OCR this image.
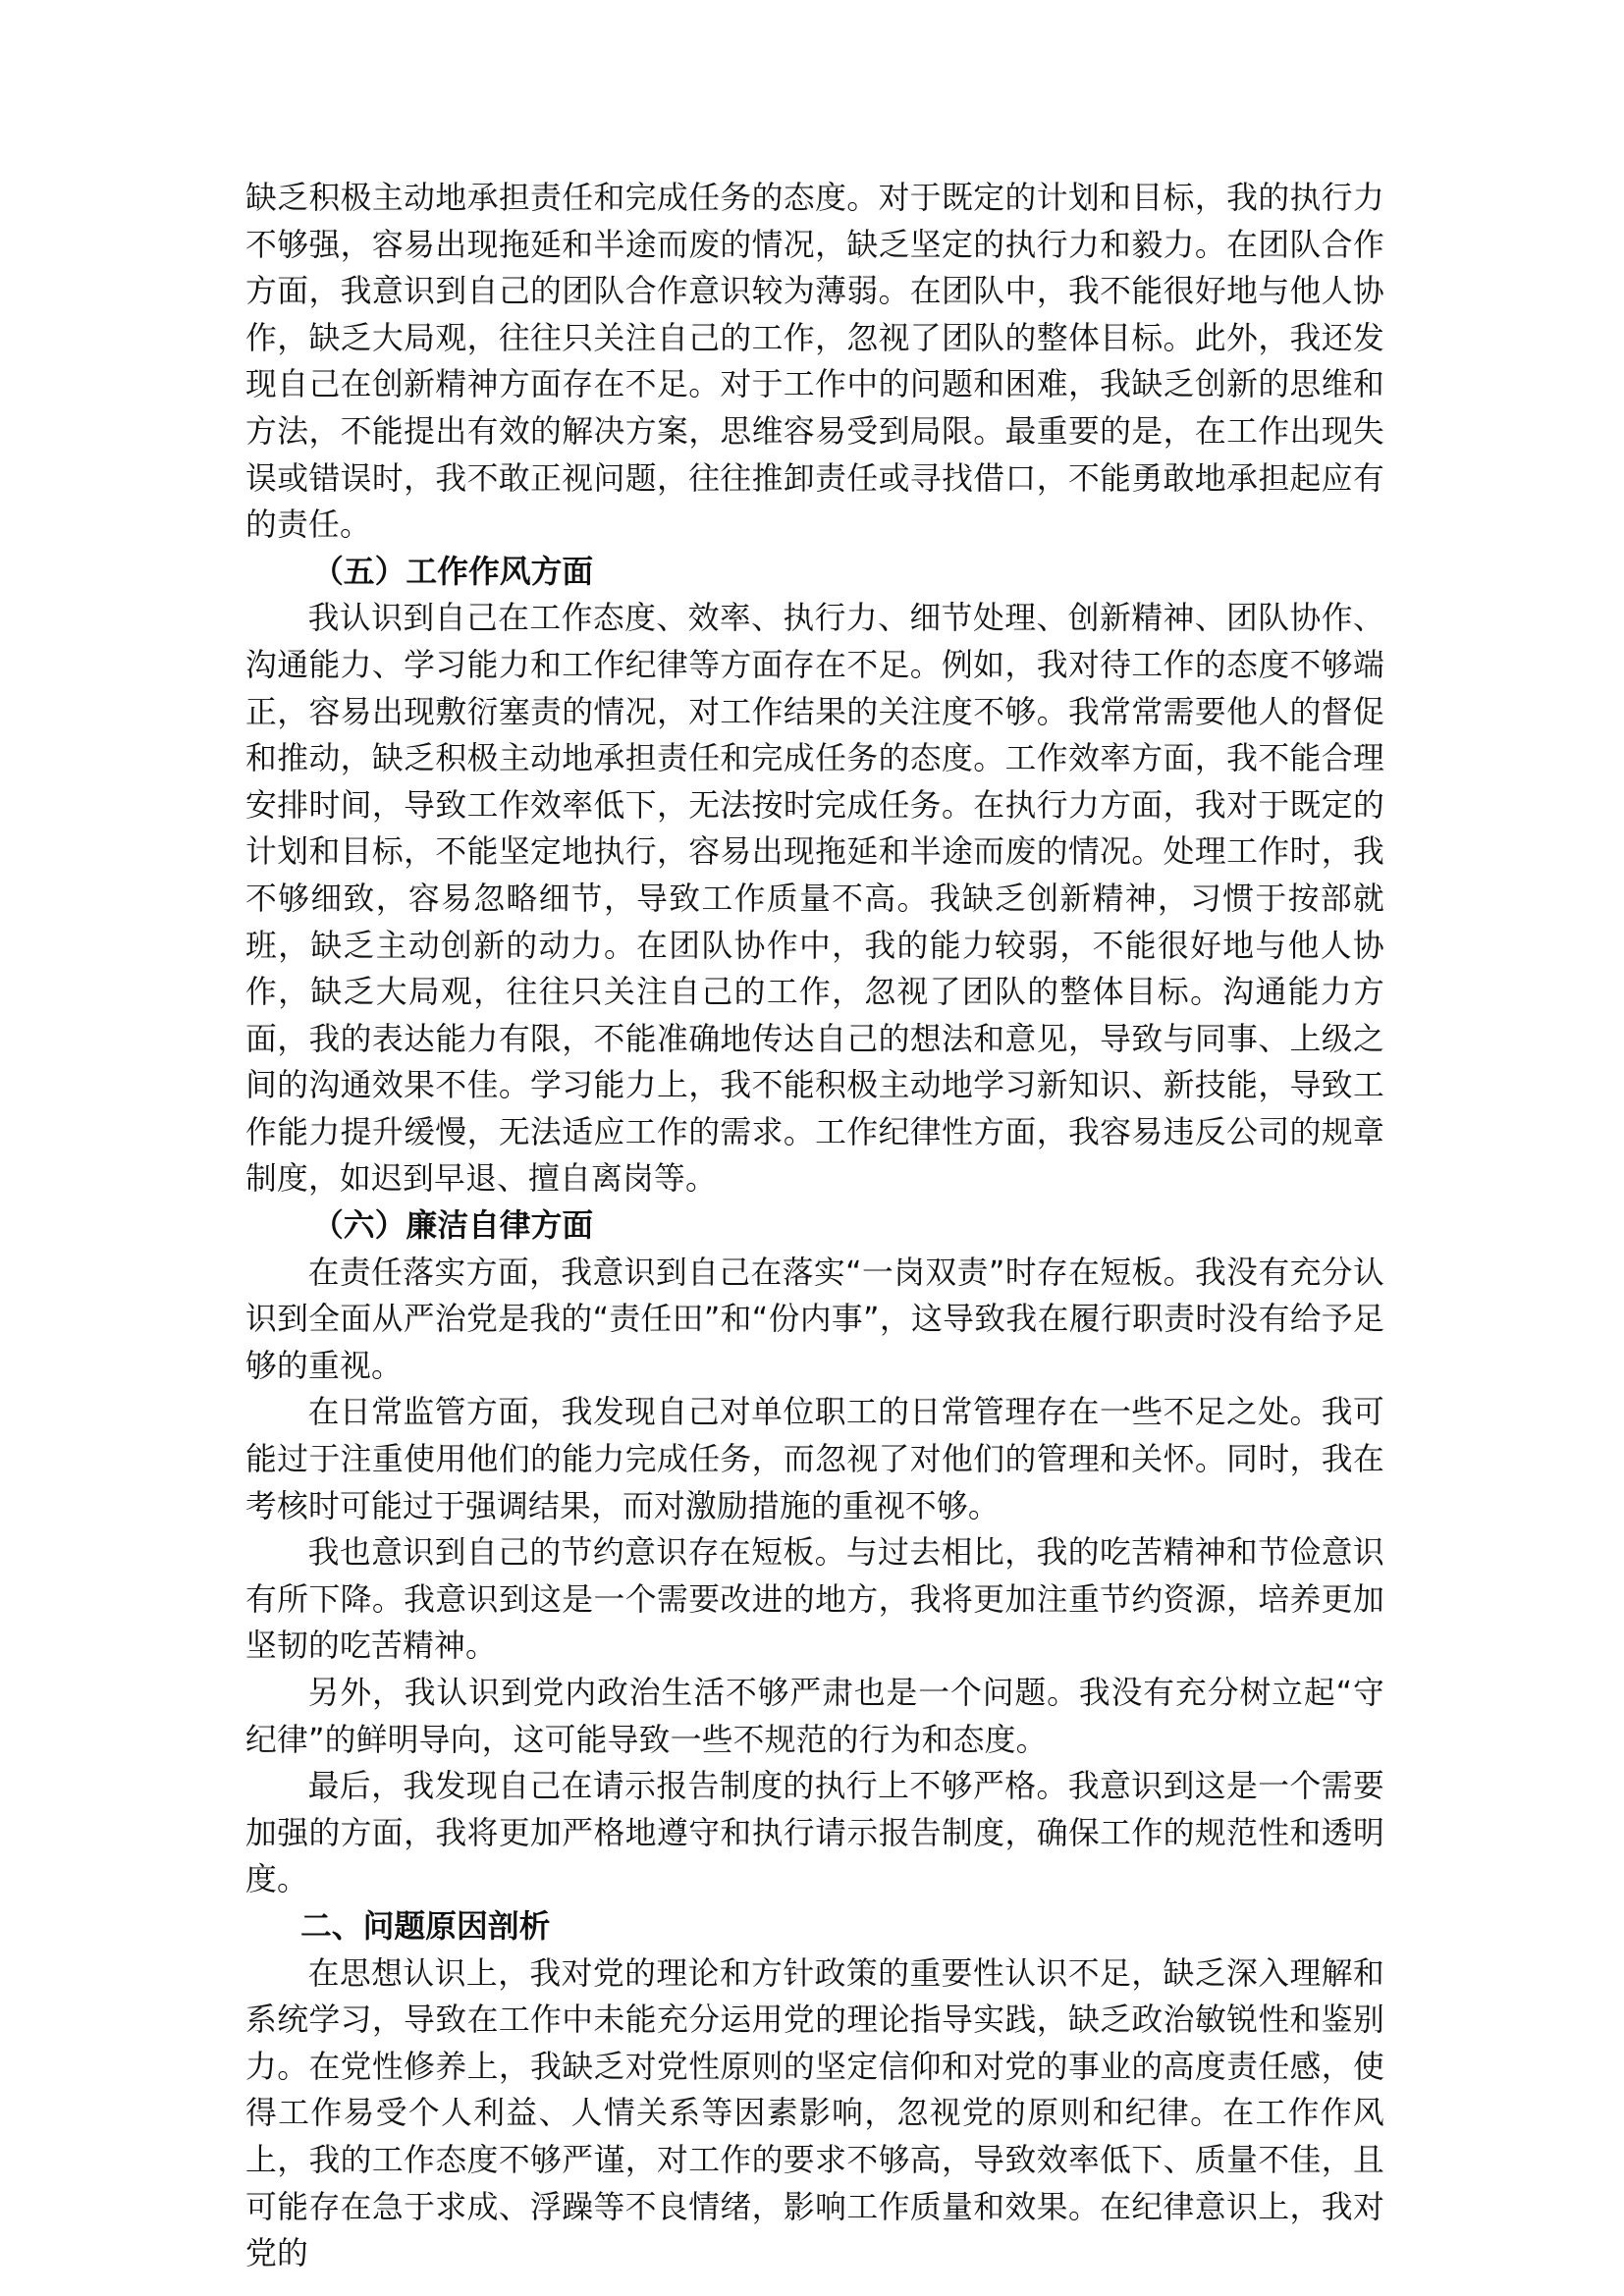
缺乏积极主动地承担责任和完成任务的态度。对于既定的计划和目标，我的执行力不够强，容易出现拖延和半途而废的情况，缺乏坚定的执行力和毅力。在团队合作方面，我意识到自己的团队合作意识较为薄弱。在团队中，我不能很好地与他人协作，缺乏大局观，往往只关注自己的工作，忽视了团队的整体目标。此外，我还发现自己在创新精神方面存在不足。对于工作中的问题和困难，我缺乏创新的思维和方法，不能提出有效的解决方案，思维容易受到局限。最重要的是，在工作出现失误或错误时，我不敢正视问题，往往推卸责任或寻找借口，不能勇敢地承担起应有的责任。

（五）工作作风方面

我认识到自己在工作态度、效率、执行力、细节处理、创新精神、团队协作、沟通能力、学习能力和工作纪律等方面存在不足。例如，我对待工作的态度不够端正，容易出现敷衍塞责的情况，对工作结果的关注度不够。我常常需要他人的督促和推动，缺乏积极主动地承担责任和完成任务的态度。工作效率方面，我不能合理安排时间，导致工作效率低下，无法按时完成任务。在执行力方面，我对于既定的计划和目标，不能坚定地执行，容易出现拖延和半途而废的情况。处理工作时，我不够细致，容易忽略细节，导致工作质量不高。我缺乏创新精神，习惯于按部就班，缺乏主动创新的动力。在团队协作中，我的能力较弱，不能很好地与他人协作，缺乏大局观，往往只关注自己的工作，忽视了团队的整体目标。沟通能力方面，我的表达能力有限，不能准确地传达自己的想法和意见，导致与同事、上级之间的沟通效果不佳。学习能力上，我不能积极主动地学习新知识、新技能，导致工作能力提升缓慢，无法适应工作的需求。工作纪律性方面，我容易违反公司的规章制度，如迟到早退、擅自离岗等。

（六）廉洁自律方面

在责任落实方面，我意识到自己在落实“一岗双责”时存在短板。我没有充分认识到全面从严治党是我的“责任田”和“份内事”，这导致我在履行职责时没有给予足够的重视。

在日常监管方面，我发现自己对单位职工的日常管理存在一些不足之处。我可能过于注重使用他们的能力完成任务，而忽视了对他们的管理和关怀。同时，我在考核时可能过于强调结果，而对激励措施的重视不够。

我也意识到自己的节约意识存在短板。与过去相比，我的吃苦精神和节俭意识有所下降。我意识到这是一个需要改进的地方，我将更加注重节约资源，培养更加坚韧的吃苦精神。

另外，我认识到党内政治生活不够严肃也是一个问题。我没有充分树立起“守纪律”的鲜明导向，这可能导致一些不规范的行为和态度。

最后，我发现自己在请示报告制度的执行上不够严格。我意识到这是一个需要加强的方面，我将更加严格地遵守和执行请示报告制度，确保工作的规范性和透明度。

二、问题原因剖析

在思想认识上，我对党的理论和方针政策的重要性认识不足，缺乏深入理解和系统学习，导致在工作中未能充分运用党的理论指导实践，缺乏政治敏锐性和鉴别力。在党性修养上，我缺乏对党性原则的坚定信仰和对党的事业的高度责任感，使得工作易受个人利益、人情关系等因素影响，忽视党的原则和纪律。在工作作风上，我的工作态度不够严谨，对工作的要求不够高，导致效率低下、质量不佳，且可能存在急于求成、浮躁等不良情绪，影响工作质量和效果。在纪律意识上，我对党的
